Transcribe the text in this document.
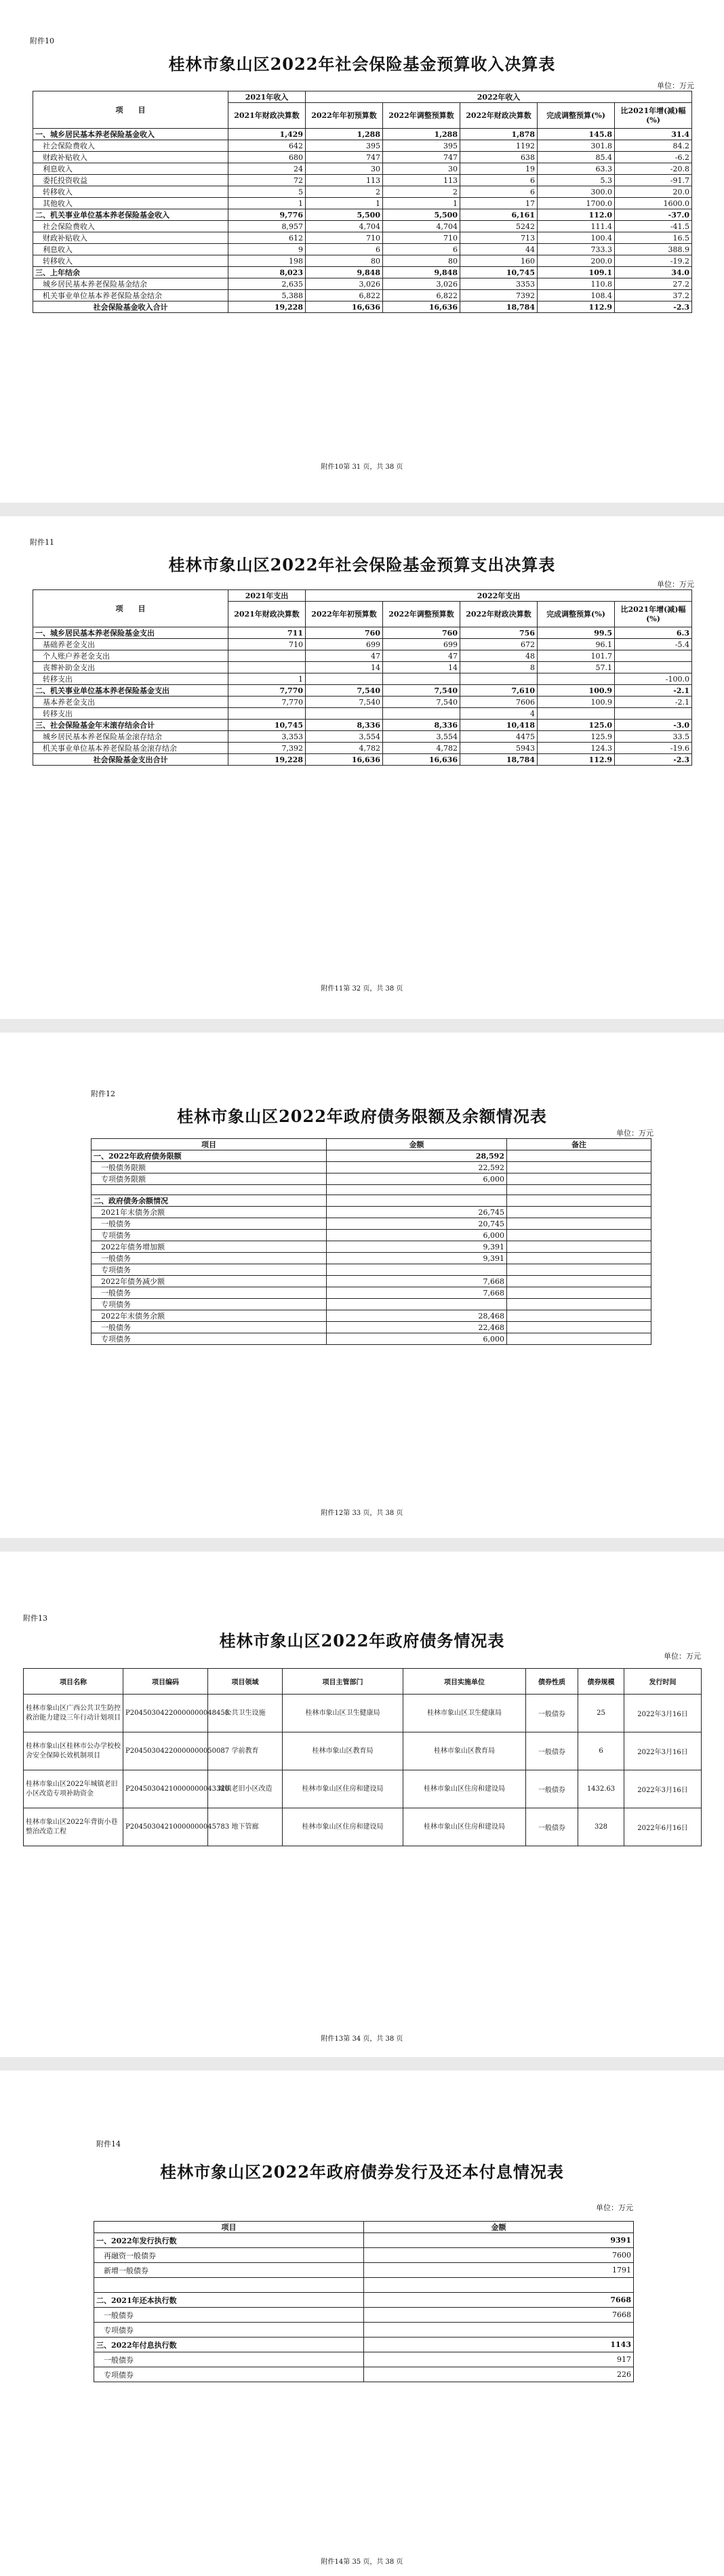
附件10
桂林市象山区2022年社会保险基金预算收入决算表
单位：万元
项　　目	2021年收入	2022年收入				
	2021年财政决算数	2022年年初预算数	2022年调整预算数	2022年财政决算数	完成调整预算(%)	比2021年增(减)幅(%)
一、城乡居民基本养老保险基金收入	1,429	1,288	1,288	1,878	145.8	31.4
社会保险费收入	642	395	395	1192	301.8	84.2
财政补贴收入	680	747	747	638	85.4	-6.2
利息收入	24	30	30	19	63.3	-20.8
委托投资收益	72	113	113	6	5.3	-91.7
转移收入	5	2	2	6	300.0	20.0
其他收入	1	1	1	17	1700.0	1600.0
二、机关事业单位基本养老保险基金收入	9,776	5,500	5,500	6,161	112.0	-37.0
社会保险费收入	8,957	4,704	4,704	5242	111.4	-41.5
财政补贴收入	612	710	710	713	100.4	16.5
利息收入	9	6	6	44	733.3	388.9
转移收入	198	80	80	160	200.0	-19.2
三、上年结余	8,023	9,848	9,848	10,745	109.1	34.0
城乡居民基本养老保险基金结余	2,635	3,026	3,026	3353	110.8	27.2
机关事业单位基本养老保险基金结余	5,388	6,822	6,822	7392	108.4	37.2
社会保险基金收入合计	19,228	16,636	16,636	18,784	112.9	-2.3
附件10第 31 页，共 38 页
附件11
桂林市象山区2022年社会保险基金预算支出决算表
单位：万元
项　　目	2021年支出	2022年支出				
	2021年财政决算数	2022年年初预算数	2022年调整预算数	2022年财政决算数	完成调整预算(%)	比2021年增(减)幅(%)
一、城乡居民基本养老保险基金支出	711	760	760	756	99.5	6.3
基础养老金支出	710	699	699	672	96.1	-5.4
个人账户养老金支出		47	47	48	101.7	
丧葬补助金支出		14	14	8	57.1	
转移支出	1					-100.0
二、机关事业单位基本养老保险基金支出	7,770	7,540	7,540	7,610	100.9	-2.1
基本养老金支出	7,770	7,540	7,540	7606	100.9	-2.1
转移支出				4		
三、社会保险基金年末滚存结余合计	10,745	8,336	8,336	10,418	125.0	-3.0
城乡居民基本养老保险基金滚存结余	3,353	3,554	3,554	4475	125.9	33.5
机关事业单位基本养老保险基金滚存结余	7,392	4,782	4,782	5943	124.3	-19.6
社会保险基金支出合计	19,228	16,636	16,636	18,784	112.9	-2.3
附件11第 32 页，共 38 页
附件12
桂林市象山区2022年政府债务限额及余额情况表
单位：万元
项目	金额	备注
一、2022年政府债务限额	28,592	
一般债务限额	22,592	
专项债务限额	6,000	

二、政府债务余额情况		
2021年末债务余额	26,745	
一般债务	20,745	
专项债务	6,000	
2022年债务增加额	9,391	
一般债务	9,391	
专项债务		
2022年债务减少额	7,668	
一般债务	7,668	
专项债务		
2022年末债务余额	28,468	
一般债务	22,468	
专项债务	6,000	
附件12第 33 页，共 38 页
附件13
桂林市象山区2022年政府债务情况表
单位：万元
项目名称	项目编码	项目领域	项目主管部门	项目实施单位	债券性质	债券规模	发行时间
桂林市象山区广西公共卫生防控救治能力建设三年行动计划项目	P20450304220000000048458	公共卫生设施	桂林市象山区卫生健康局	桂林市象山区卫生健康局	一般债券	25	2022年3月16日
桂林市象山区桂林市公办学校校舍安全保障长效机制项目	P20450304220000000050087	学前教育	桂林市象山区教育局	桂林市象山区教育局	一般债券	6	2022年3月16日
桂林市象山区2022年城镇老旧小区改造专项补助资金	P20450304210000000043320	城镇老旧小区改造	桂林市象山区住房和建设局	桂林市象山区住房和建设局	一般债券	1432.63	2022年3月16日
桂林市象山区2022年背街小巷整治改造工程	P20450304210000000045783	地下管廊	桂林市象山区住房和建设局	桂林市象山区住房和建设局	一般债券	328	2022年6月16日
附件13第 34 页，共 38 页
附件14
桂林市象山区2022年政府债券发行及还本付息情况表
单位：万元
项目	金额
一、2022年发行执行数	9391
再融资一般债券	7600
新增一般债券	1791

二、2021年还本执行数	7668
一般债券	7668
专项债券	
三、2022年付息执行数	1143
一般债券	917
专项债券	226
附件14第 35 页，共 38 页
